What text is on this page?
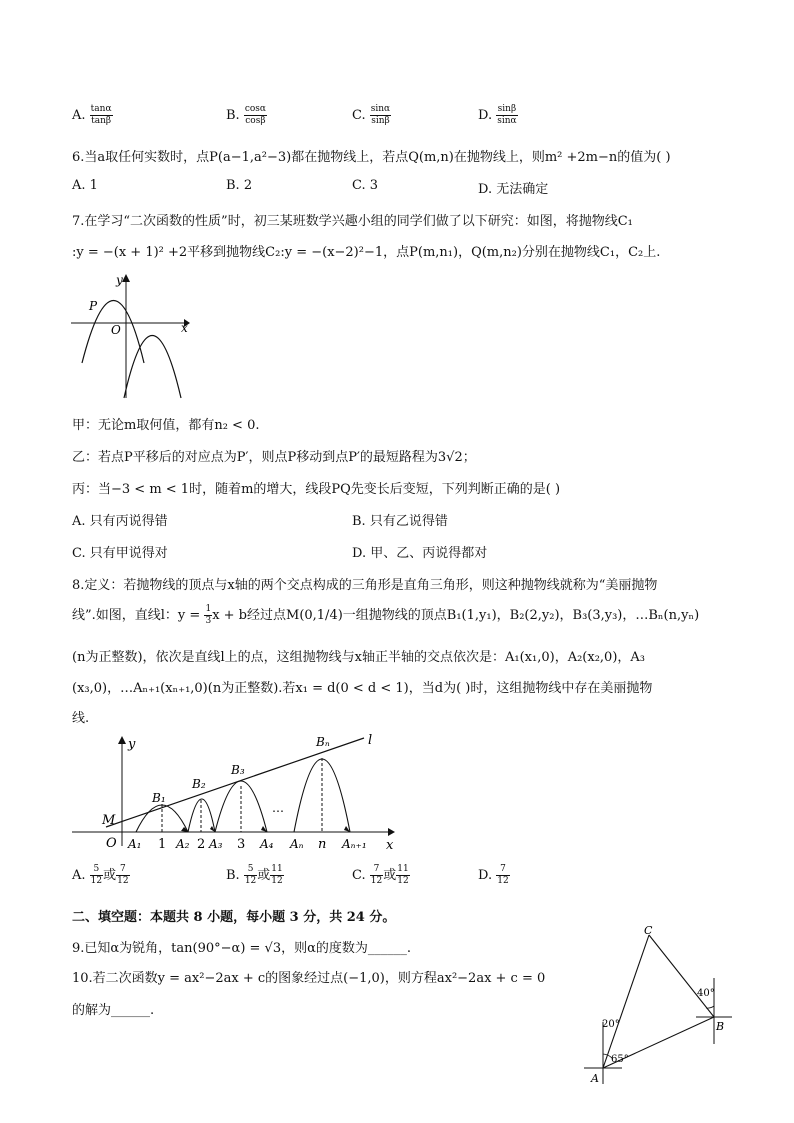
A. $\frac{\tan\alpha}{\tan\beta}$	B. $\frac{\cos\alpha}{\cos\beta}$	C. $\frac{\sin\alpha}{\sin\beta}$	D. $\frac{\sin\beta}{\sin\alpha}$
6.当a取任何实数时，点P(a−1,a²−3)都在抛物线上，若点Q(m,n)在抛物线上，则m² +2m−n的值为( )
A. 1	B. 2	C. 3	D. 无法确定
7.在学习“二次函数的性质”时，初三某班数学兴趣小组的同学们做了以下研究：如图，将抛物线C₁
:y = −(x + 1)² +2平移到抛物线C₂:y = −(x−2)²−1，点P(m,n₁)，Q(m,n₂)分别在抛物线C₁，C₂上.
y
x
O
P
甲：无论m取何值，都有n₂ < 0.
乙：若点P平移后的对应点为P′，则点P移动到点P′的最短路程为3√2；
丙：当−3 < m < 1时，随着m的增大，线段PQ先变长后变短，下列判断正确的是( )
A. 只有丙说得错	B. 只有乙说得错
C. 只有甲说得对	D. 甲、乙、丙说得都对
8.定义：若抛物线的顶点与x轴的两个交点构成的三角形是直角三角形，则这种抛物线就称为“美丽抛物
线”.如图，直线l：$y = \frac{1}{3}$ x + b经过点M(0,1/4)一组抛物线的顶点B₁(1,y₁)，B₂(2,y₂)，B₃(3,y₃)，…Bₙ(n,yₙ)
(n为正整数)，依次是直线l上的点，这组抛物线与x轴正半轴的交点依次是：A₁(x₁,0)，A₂(x₂,0)，A₃
(x₃,0)，…Aₙ₊₁(xₙ₊₁,0)(n为正整数).若x₁ = d(0 < d < 1)，当d为( )时，这组抛物线中存在美丽抛物
线.
l
y
x
M
O
B₁
B₂
B₃
Bₙ
…
1 2 3	n
A₁	A₂ A₃	A₄ Aₙ	Aₙ₊₁
A. $\frac{5}{12}$ 或 $\frac{7}{12}$	B. $\frac{5}{12}$ 或 $\frac{11}{12}$	C. $\frac{7}{12}$ 或 $\frac{11}{12}$	D. $\frac{7}{12}$
二、填空题：本题共 8 小题，每小题 3 分，共 24 分。
9.已知α为锐角，tan(90°−α) = √3，则α的度数为______.
10.若二次函数y = ax²−2ax + c的图象经过点(−1,0)，则方程ax²−2ax + c = 0
的解为______.
C
B
A
20°
65°
40°
